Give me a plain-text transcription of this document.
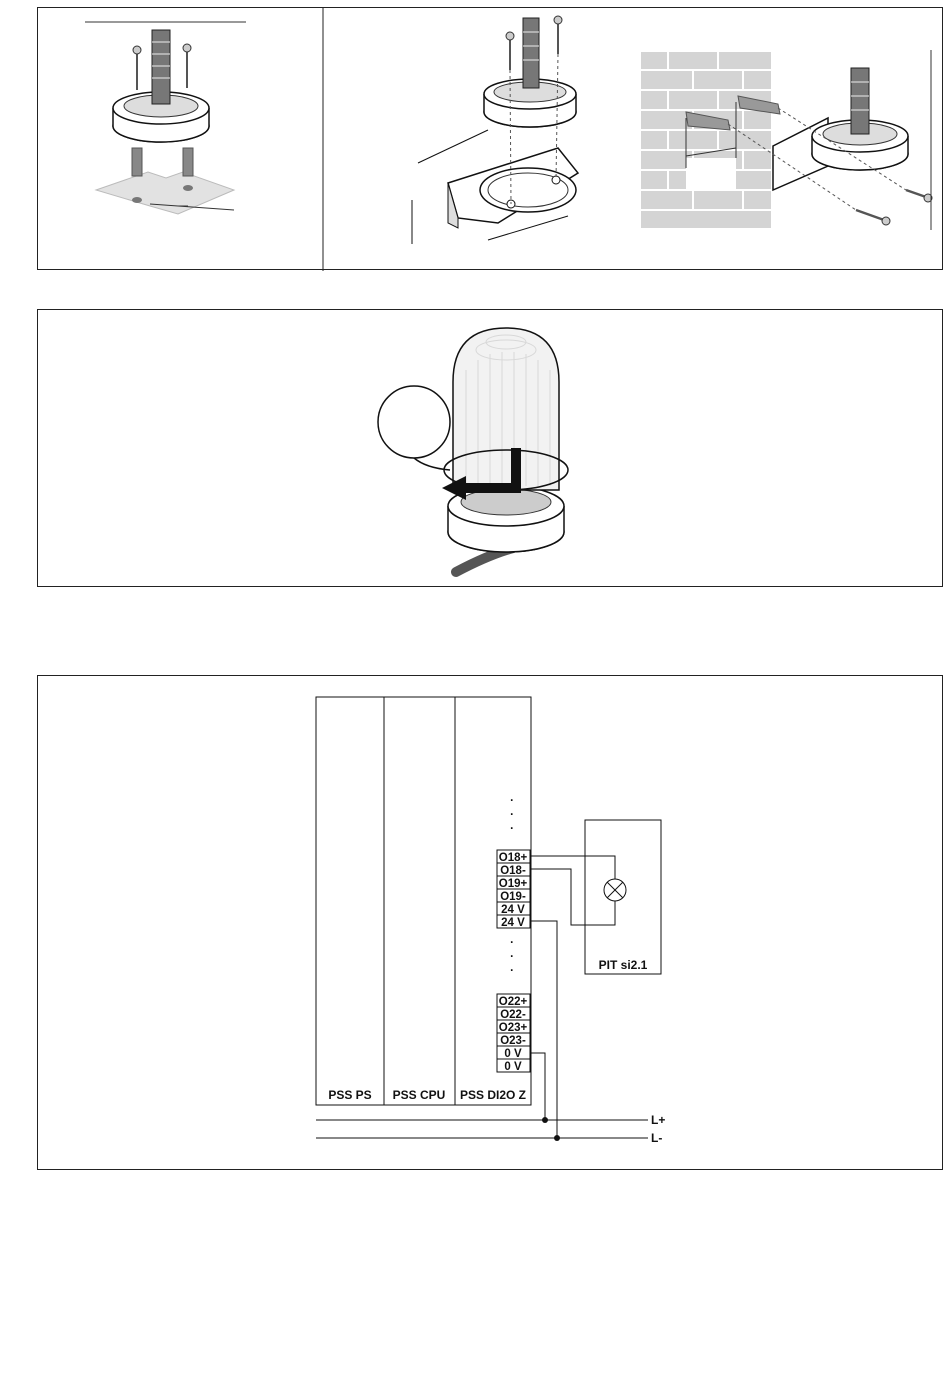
PSS PS PSS CPU PSS DI2O Z
·
·
·
·
·
·
O18+
O18-
O19+
O19-
24 V
24 V
O22+
O22-
O23+
O23-
0 V
0 V
PIT si2.1
L+
L-
